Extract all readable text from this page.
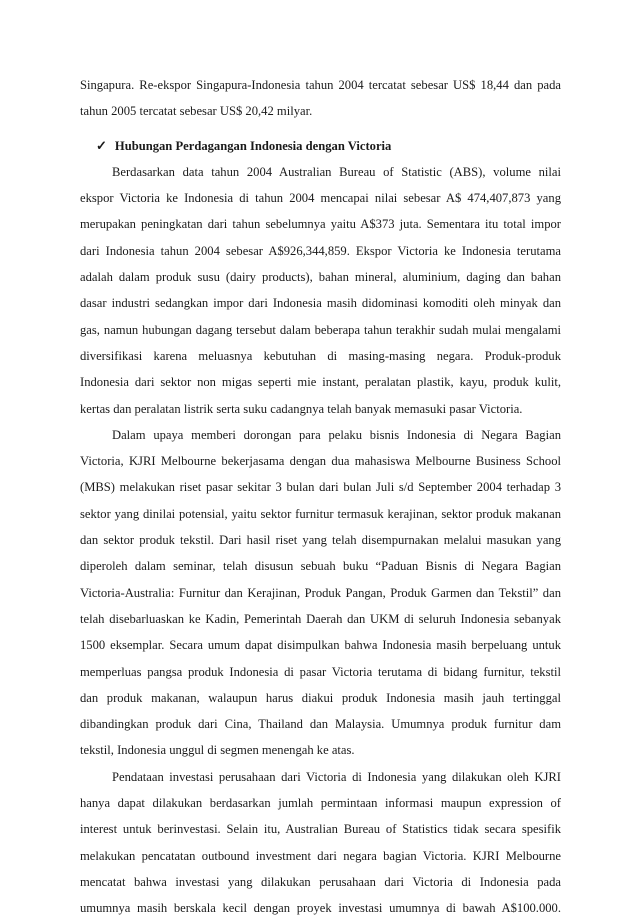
Singapura. Re-ekspor Singapura-Indonesia tahun 2004 tercatat sebesar US$ 18,44 dan pada
tahun 2005 tercatat sebesar US$ 20,42 milyar.
✓ Hubungan Perdagangan Indonesia dengan Victoria
Berdasarkan data tahun 2004 Australian Bureau of Statistic (ABS), volume nilai
ekspor Victoria ke Indonesia di tahun 2004 mencapai nilai sebesar A$ 474,407,873 yang
merupakan peningkatan dari tahun sebelumnya yaitu A$373 juta. Sementara itu total impor
dari Indonesia tahun 2004 sebesar A$926,344,859. Ekspor Victoria ke Indonesia terutama
adalah dalam produk susu (dairy products), bahan mineral, aluminium, daging dan bahan
dasar industri sedangkan impor dari Indonesia masih didominasi komoditi oleh minyak dan
gas, namun hubungan dagang tersebut dalam beberapa tahun terakhir sudah mulai mengalami
diversifikasi karena meluasnya kebutuhan di masing-masing negara. Produk-produk
Indonesia dari sektor non migas seperti mie instant, peralatan plastik, kayu, produk kulit,
kertas dan peralatan listrik serta suku cadangnya telah banyak memasuki pasar Victoria.
Dalam upaya memberi dorongan para pelaku bisnis Indonesia di Negara Bagian
Victoria, KJRI Melbourne bekerjasama dengan dua mahasiswa Melbourne Business School
(MBS) melakukan riset pasar sekitar 3 bulan dari bulan Juli s/d September 2004 terhadap 3
sektor yang dinilai potensial, yaitu sektor furnitur termasuk kerajinan, sektor produk makanan
dan sektor produk tekstil. Dari hasil riset yang telah disempurnakan melalui masukan yang
diperoleh dalam seminar, telah disusun sebuah buku “Paduan Bisnis di Negara Bagian
Victoria-Australia: Furnitur dan Kerajinan, Produk Pangan, Produk Garmen dan Tekstil” dan
telah disebarluaskan ke Kadin, Pemerintah Daerah dan UKM di seluruh Indonesia sebanyak
1500 eksemplar. Secara umum dapat disimpulkan bahwa Indonesia masih berpeluang untuk
memperluas pangsa produk Indonesia di pasar Victoria terutama di bidang furnitur, tekstil
dan produk makanan, walaupun harus diakui produk Indonesia masih jauh tertinggal
dibandingkan produk dari Cina, Thailand dan Malaysia. Umumnya produk furnitur dam
tekstil, Indonesia unggul di segmen menengah ke atas.
Pendataan investasi perusahaan dari Victoria di Indonesia yang dilakukan oleh KJRI
hanya dapat dilakukan berdasarkan jumlah permintaan informasi maupun expression of
interest untuk berinvestasi. Selain itu, Australian Bureau of Statistics tidak secara spesifik
melakukan pencatatan outbound investment dari negara bagian Victoria. KJRI Melbourne
mencatat bahwa investasi yang dilakukan perusahaan dari Victoria di Indonesia pada
umumnya masih berskala kecil dengan proyek investasi umumnya di bawah A$100.000.
